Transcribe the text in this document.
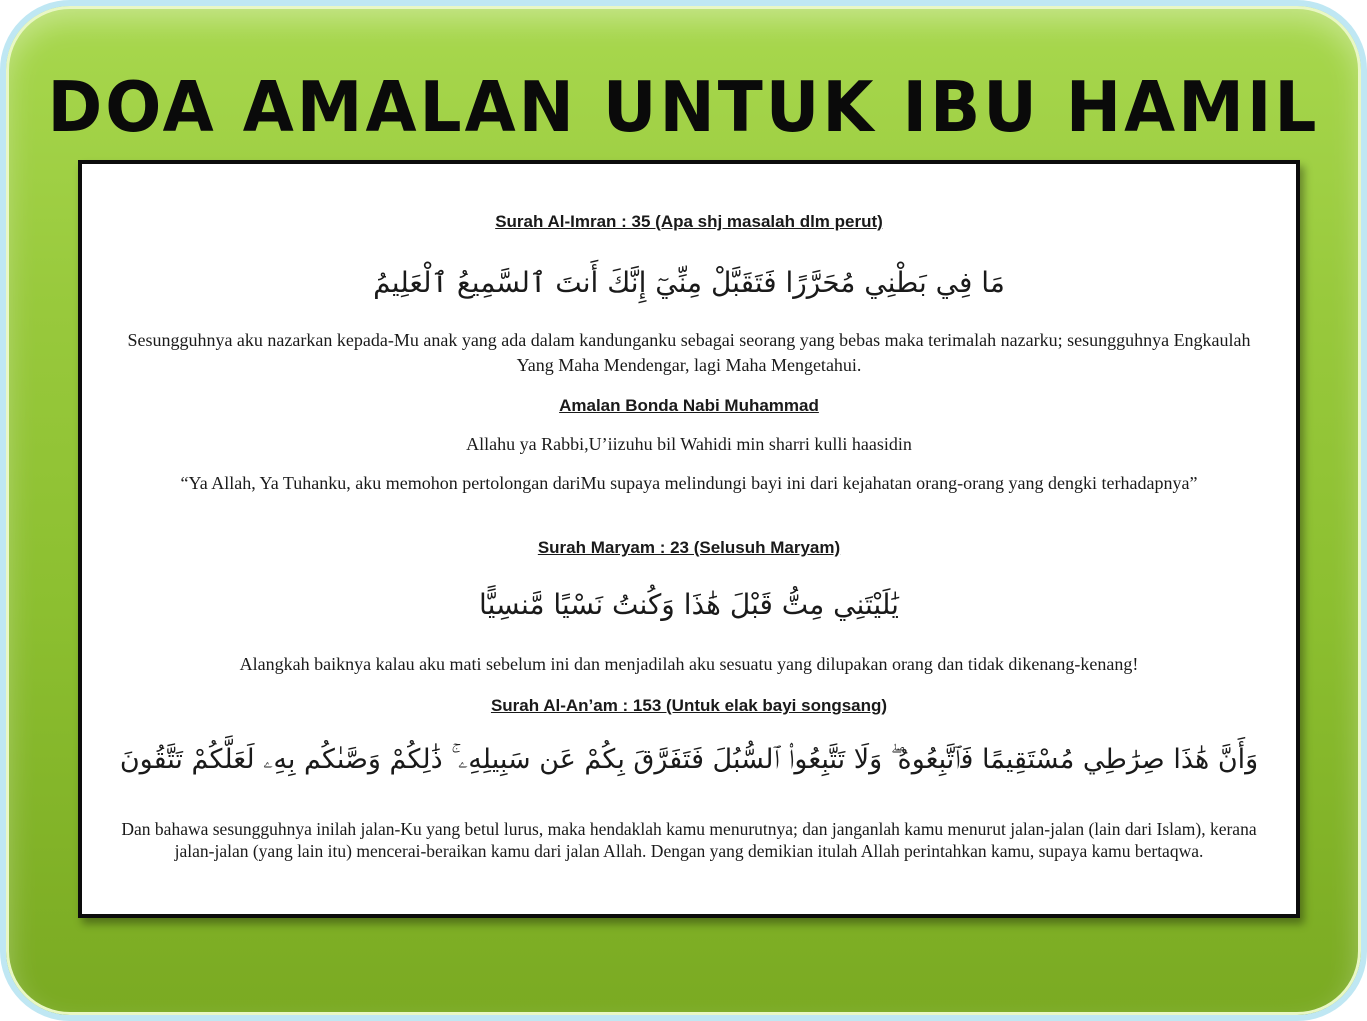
DOA AMALAN UNTUK IBU HAMIL
Surah Al-Imran : 35 (Apa shj masalah dlm perut)
مَا فِي بَطْنِي مُحَرَّرًا فَتَقَبَّلْ مِنِّيٓ إِنَّكَ أَنتَ ٱلسَّمِيعُ ٱلْعَلِيمُ
Sesungguhnya aku nazarkan kepada-Mu anak yang ada dalam kandunganku sebagai seorang yang bebas maka terimalah nazarku; sesungguhnya Engkaulah Yang Maha Mendengar, lagi Maha Mengetahui.
Amalan Bonda Nabi Muhammad
Allahu ya Rabbi,U’iizuhu bil Wahidi min sharri kulli haasidin
“Ya Allah, Ya Tuhanku, aku memohon pertolongan dariMu supaya melindungi bayi ini dari kejahatan orang-orang yang dengki terhadapnya”
Surah Maryam : 23 (Selusuh Maryam)
يَٰلَيْتَنِي مِتُّ قَبْلَ هَٰذَا وَكُنتُ نَسْيًا مَّنسِيًّا
Alangkah baiknya kalau aku mati sebelum ini dan menjadilah aku sesuatu yang dilupakan orang dan tidak dikenang-kenang!
Surah Al-An’am : 153 (Untuk elak bayi songsang)
وَأَنَّ هَٰذَا صِرَٰطِي مُسْتَقِيمًا فَٱتَّبِعُوهُ ۖ وَلَا تَتَّبِعُوا۟ ٱلسُّبُلَ فَتَفَرَّقَ بِكُمْ عَن سَبِيلِهِۦ ۚ ذَٰلِكُمْ وَصَّىٰكُم بِهِۦ لَعَلَّكُمْ تَتَّقُونَ
Dan bahawa sesungguhnya inilah jalan-Ku yang betul lurus, maka hendaklah kamu menurutnya; dan janganlah kamu menurut jalan-jalan (lain dari Islam), kerana jalan-jalan (yang lain itu) mencerai-beraikan kamu dari jalan Allah. Dengan yang demikian itulah Allah perintahkan kamu, supaya kamu bertaqwa.
